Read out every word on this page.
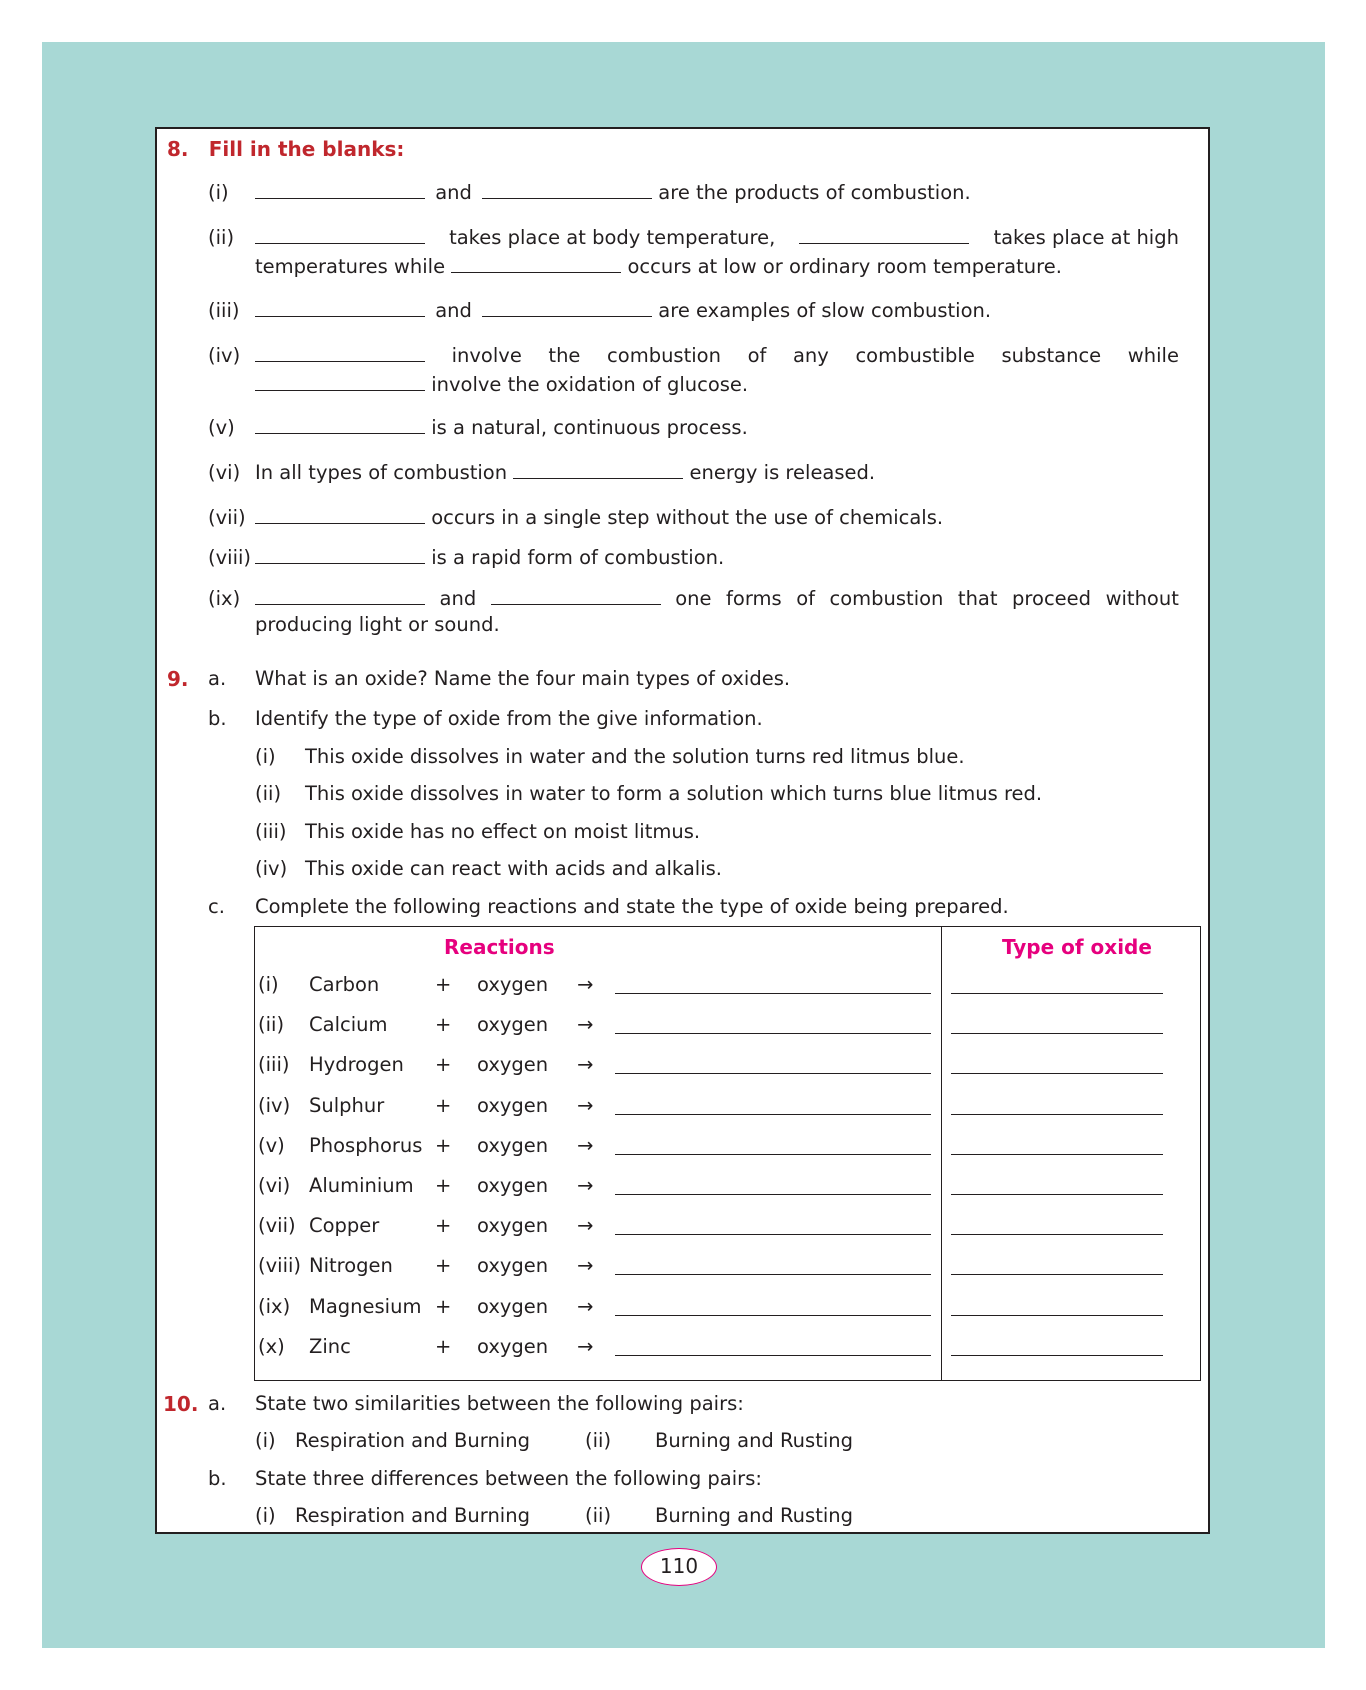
8. Fill in the blanks:
(i)	and	are the products of combustion.
(ii)	takes place at body temperature,	takes place at high
temperatures while	occurs at low or ordinary room temperature.
(iii)	and	are examples of slow combustion.
(iv)	involve the combustion of any combustible substance while
involve the oxidation of glucose.
(v)	is a natural, continuous process.
(vi) In all types of combustion	energy is released.
(vii)	occurs in a single step without the use of chemicals.
(viii)	is a rapid form of combustion.
(ix)	and	one forms of combustion that proceed without
producing light or sound.
9. a. What is an oxide? Name the four main types of oxides.
b. Identify the type of oxide from the give information.
(i) This oxide dissolves in water and the solution turns red litmus blue.
(ii) This oxide dissolves in water to form a solution which turns blue litmus red.
(iii) This oxide has no effect on moist litmus.
(iv) This oxide can react with acids and alkalis.
c. Complete the following reactions and state the type of oxide being prepared.
Reactions	Type of oxide
(i) Carbon	+ oxygen →
(ii) Calcium + oxygen →
(iii) Hydrogen + oxygen →
(iv) Sulphur	+ oxygen →
(v) Phosphorus + oxygen →
(vi) Aluminium + oxygen →
(vii) Copper	+ oxygen →
(viii) Nitrogen + oxygen →
(ix) Magnesium + oxygen →
(x) Zinc	+ oxygen →
10. a. State two similarities between the following pairs:
(i) Respiration and Burning	(ii) Burning and Rusting
b. State three differences between the following pairs:
(i) Respiration and Burning	(ii) Burning and Rusting
110
